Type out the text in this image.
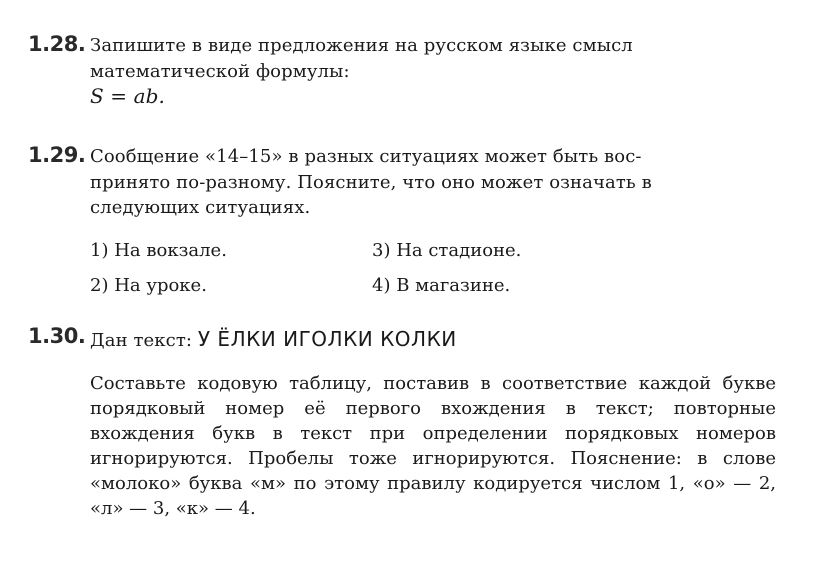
1.28. Запишите в виде предложения на русском языке смысл
математической формулы:
S = ab.
1.29. Сообщение «14–15» в разных ситуациях может быть вос-
принято по-разному. Поясните, что оно может означать в
следующих ситуациях.
1) На вокзале.
2) На уроке.
3) На стадионе.
4) В магазине.
1.30. Дан текст: У ЁЛКИ ИГОЛКИ КОЛКИ
Составьте кодовую таблицу, поставив в соответствие каждой букве порядковый номер её первого вхождения в текст; повторные вхождения букв в текст при определении порядковых номеров игнорируются. Пробелы тоже игнорируются. Пояснение: в слове «молоко» буква «м» по этому правилу кодируется числом 1, «о» — 2, «л» — 3, «к» — 4.
